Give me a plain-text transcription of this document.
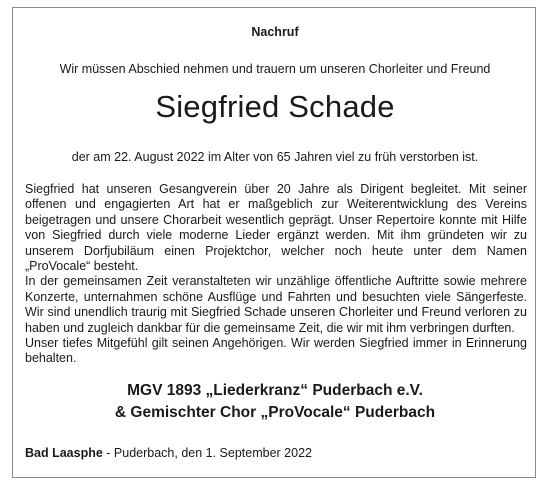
Nachruf
Wir müssen Abschied nehmen und trauern um unseren Chorleiter und Freund
Siegfried Schade
der am 22. August 2022 im Alter von 65 Jahren viel zu früh verstorben ist.

Siegfried hat unseren Gesangverein über 20 Jahre als Dirigent begleitet. Mit seiner offenen und engagierten Art hat er maßgeblich zur Weiterentwicklung des Vereins beigetragen und unsere Chorarbeit wesentlich geprägt. Unser Repertoire konnte mit Hilfe von Siegfried durch viele moderne Lieder ergänzt werden. Mit ihm gründeten wir zu unserem Dorfjubiläum einen Projektchor, welcher noch heute unter dem Namen „ProVocale“ besteht.

In der gemeinsamen Zeit veranstalteten wir unzählige öffentliche Auftritte sowie mehrere Konzerte, unternahmen schöne Ausflüge und Fahrten und besuchten viele Sängerfeste. Wir sind unendlich traurig mit Siegfried Schade unseren Chorleiter und Freund verloren zu haben und zugleich dankbar für die gemeinsame Zeit, die wir mit ihm verbringen durften.

Unser tiefes Mitgefühl gilt seinen Angehörigen. Wir werden Siegfried immer in Erinnerung behalten.

MGV 1893 „Liederkranz“ Puderbach e.V.
& Gemischter Chor „ProVocale“ Puderbach
Bad Laasphe - Puderbach, den 1. September 2022
